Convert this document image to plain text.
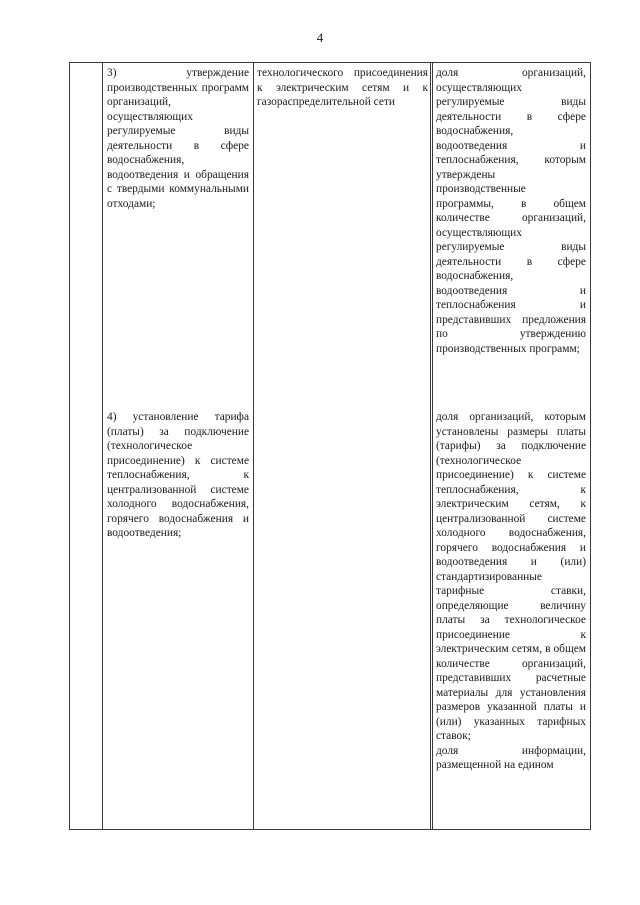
4

3) утверждение производственных программ организаций, осуществляющих регулируемые виды деятельности в сфере водоснабжения, водоотведения и обращения с твердыми коммунальными отходами;

технологического присоединения к электрическим сетям и к газораспределительной сети

доля организаций, осуществляющих регулируемые виды деятельности в сфере водоснабжения, водоотведения и теплоснабжения, которым утверждены производственные программы, в общем количестве организаций, осуществляющих регулируемые виды деятельности в сфере водоснабжения, водоотведения и теплоснабжения и представивших предложения по утверждению производственных программ;

4) установление тарифа (платы) за подключение (технологическое присоединение) к системе теплоснабжения, к централизованной системе холодного водоснабжения, горячего водоснабжения и водоотведения;

доля организаций, которым установлены размеры платы (тарифы) за подключение (технологическое присоединение) к системе теплоснабжения, к электрическим сетям, к централизованной системе холодного водоснабжения, горячего водоснабжения и водоотведения и (или) стандартизированные тарифные ставки, определяющие величину платы за технологическое присоединение к электрическим сетям, в общем количестве организаций, представивших расчетные материалы для установления размеров указанной платы и (или) указанных тарифных ставок;

доля информации, размещенной на едином
